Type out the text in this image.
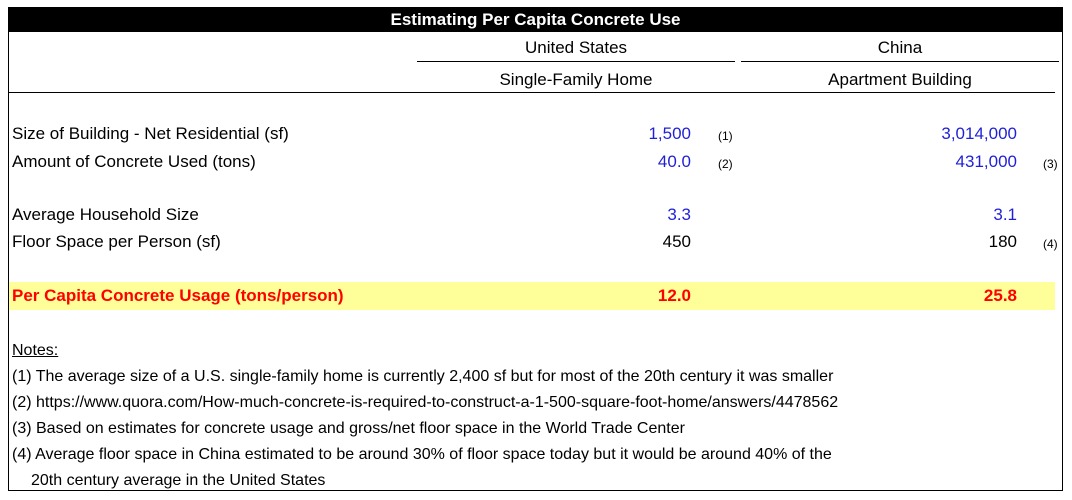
Estimating Per Capita Concrete Use
United States
Single-Family Home
China
Apartment Building
Size of Building - Net Residential (sf)	1,500 (1)	3,014,000
Amount of Concrete Used (tons)	40.0 (2)	431,000 (3)
Average Household Size	3.3	3.1
Floor Space per Person (sf)	450	180 (4)
Per Capita Concrete Usage (tons/person)	12.0	25.8
Notes:
(1) The average size of a U.S. single-family home is currently 2,400 sf but for most of the 20th century it was smaller
(2) https://www.quora.com/How-much-concrete-is-required-to-construct-a-1-500-square-foot-home/answers/4478562
(3) Based on estimates for concrete usage and gross/net floor space in the World Trade Center
(4) Average floor space in China estimated to be around 30% of floor space today but it would be around 40% of the
20th century average in the United States
